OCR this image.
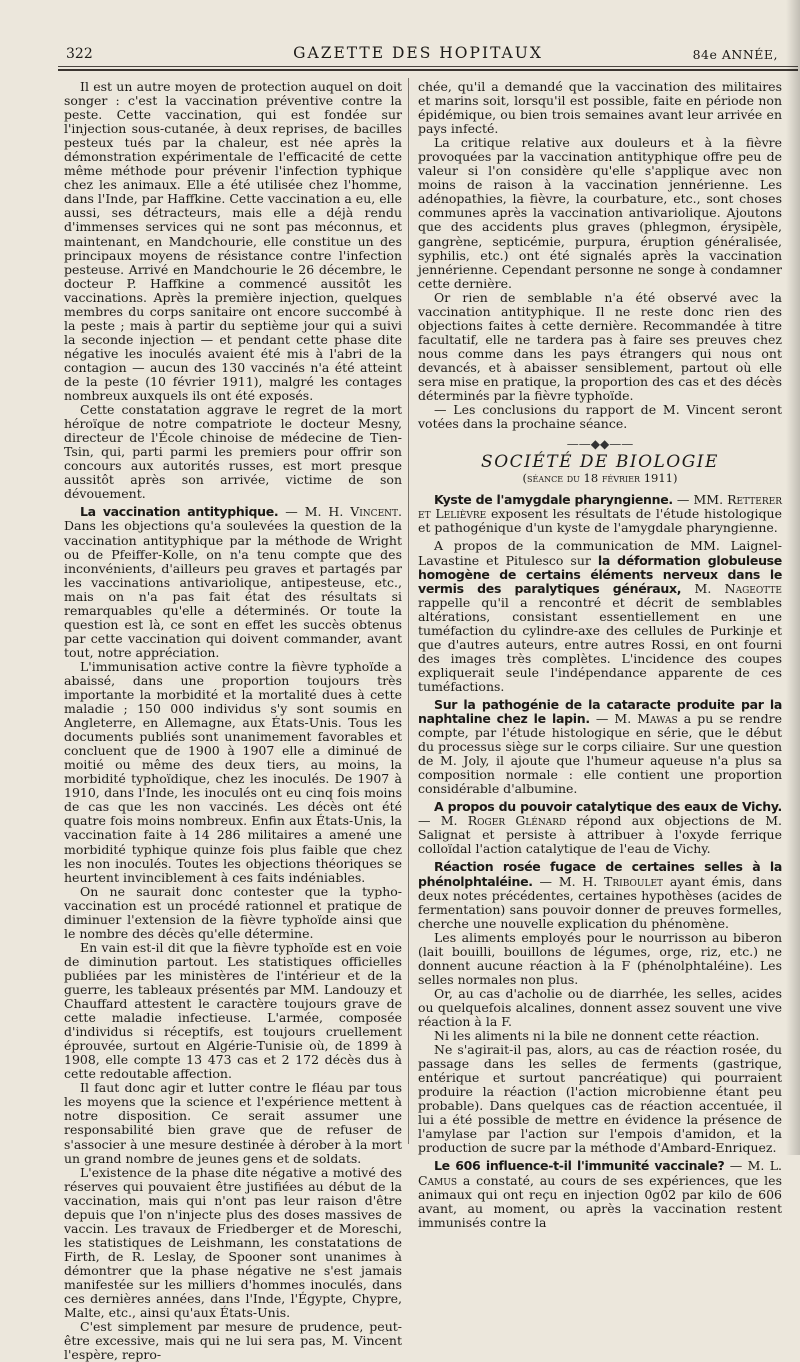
322	GAZETTE DES HOPITAUX	84e ANNÉE,

Il est un autre moyen de protection auquel on doit songer : c'est la vaccination préventive contre la peste. Cette vaccination, qui est fondée sur l'injection sous-cutanée, à deux reprises, de bacilles pesteux tués par la chaleur, est née après la démonstration expérimentale de l'efficacité de cette même méthode pour prévenir l'infection typhique chez les animaux. Elle a été utilisée chez l'homme, dans l'Inde, par Haffkine. Cette vaccination a eu, elle aussi, ses détracteurs, mais elle a déjà rendu d'immenses services qui ne sont pas méconnus, et maintenant, en Mandchourie, elle constitue un des principaux moyens de résistance contre l'infection pesteuse. Arrivé en Mandchourie le 26 décembre, le docteur P. Haffkine a commencé aussitôt les vaccinations. Après la première injection, quelques membres du corps sanitaire ont encore succombé à la peste ; mais à partir du septième jour qui a suivi la seconde injection — et pendant cette phase dite négative les inoculés avaient été mis à l'abri de la contagion — aucun des 130 vaccinés n'a été atteint de la peste (10 février 1911), malgré les contages nombreux auxquels ils ont été exposés.

Cette constatation aggrave le regret de la mort héroïque de notre compatriote le docteur Mesny, directeur de l'École chinoise de médecine de Tien-Tsin, qui, parti parmi les premiers pour offrir son concours aux autorités russes, est mort presque aussitôt après son arrivée, victime de son dévouement.

La vaccination antityphique. — M. H. Vincent. Dans les objections qu'a soulevées la question de la vaccination antityphique par la méthode de Wright ou de Pfeiffer-Kolle, on n'a tenu compte que des inconvénients, d'ailleurs peu graves et partagés par les vaccinations antivariolique, antipesteuse, etc., mais on n'a pas fait état des résultats si remarquables qu'elle a déterminés. Or toute la question est là, ce sont en effet les succès obtenus par cette vaccination qui doivent commander, avant tout, notre appréciation.

L'immunisation active contre la fièvre typhoïde a abaissé, dans une proportion toujours très importante la morbidité et la mortalité dues à cette maladie ; 150 000 individus s'y sont soumis en Angleterre, en Allemagne, aux États-Unis. Tous les documents publiés sont unanimement favorables et concluent que de 1900 à 1907 elle a diminué de moitié ou même des deux tiers, au moins, la morbidité typhoïdique, chez les inoculés. De 1907 à 1910, dans l'Inde, les inoculés ont eu cinq fois moins de cas que les non vaccinés. Les décès ont été quatre fois moins nombreux. Enfin aux États-Unis, la vaccination faite à 14 286 militaires a amené une morbidité typhique quinze fois plus faible que chez les non inoculés. Toutes les objections théoriques se heurtent invinciblement à ces faits indéniables.

On ne saurait donc contester que la typho-vaccination est un procédé rationnel et pratique de diminuer l'extension de la fièvre typhoïde ainsi que le nombre des décès qu'elle détermine.

En vain est-il dit que la fièvre typhoïde est en voie de diminution partout. Les statistiques officielles publiées par les ministères de l'intérieur et de la guerre, les tableaux présentés par MM. Landouzy et Chauffard attestent le caractère toujours grave de cette maladie infectieuse. L'armée, composée d'individus si réceptifs, est toujours cruellement éprouvée, surtout en Algérie-Tunisie où, de 1899 à 1908, elle compte 13 473 cas et 2 172 décès dus à cette redoutable affection.

Il faut donc agir et lutter contre le fléau par tous les moyens que la science et l'expérience mettent à notre disposition. Ce serait assumer une responsabilité bien grave que de refuser de s'associer à une mesure destinée à dérober à la mort un grand nombre de jeunes gens et de soldats.

L'existence de la phase dite négative a motivé des réserves qui pouvaient être justifiées au début de la vaccination, mais qui n'ont pas leur raison d'être depuis que l'on n'injecte plus des doses massives de vaccin. Les travaux de Friedberger et de Moreschi, les statistiques de Leishmann, les constatations de Firth, de R. Leslay, de Spooner sont unanimes à démontrer que la phase négative ne s'est jamais manifestée sur les milliers d'hommes inoculés, dans ces dernières années, dans l'Inde, l'Égypte, Chypre, Malte, etc., ainsi qu'aux États-Unis.

C'est simplement par mesure de prudence, peut-être excessive, mais qui ne lui sera pas, M. Vincent l'espère, repro-

chée, qu'il a demandé que la vaccination des militaires et marins soit, lorsqu'il est possible, faite en période non épidémique, ou bien trois semaines avant leur arrivée en pays infecté.

La critique relative aux douleurs et à la fièvre provoquées par la vaccination antityphique offre peu de valeur si l'on considère qu'elle s'applique avec non moins de raison à la vaccination jennérienne. Les adénopathies, la fièvre, la courbature, etc., sont choses communes après la vaccination antivariolique. Ajoutons que des accidents plus graves (phlegmon, érysipèle, gangrène, septicémie, purpura, éruption généralisée, syphilis, etc.) ont été signalés après la vaccination jennérienne. Cependant personne ne songe à condamner cette dernière.

Or rien de semblable n'a été observé avec la vaccination antityphique. Il ne reste donc rien des objections faites à cette dernière. Recommandée à titre facultatif, elle ne tardera pas à faire ses preuves chez nous comme dans les pays étrangers qui nous ont devancés, et à abaisser sensiblement, partout où elle sera mise en pratique, la proportion des cas et des décès déterminés par la fièvre typhoïde.

— Les conclusions du rapport de M. Vincent seront votées dans la prochaine séance.

——◆◆——
SOCIÉTÉ DE BIOLOGIE
(séance du 18 février 1911)

Kyste de l'amygdale pharyngienne. — MM. Retterer et Lelièvre exposent les résultats de l'étude histologique et pathogénique d'un kyste de l'amygdale pharyngienne.

A propos de la communication de MM. Laignel-Lavastine et Pitulesco sur la déformation globuleuse homogène de certains éléments nerveux dans le vermis des paralytiques généraux, M. Nageotte rappelle qu'il a rencontré et décrit de semblables altérations, consistant essentiellement en une tuméfaction du cylindre-axe des cellules de Purkinje et que d'autres auteurs, entre autres Rossi, en ont fourni des images très complètes. L'incidence des coupes expliquerait seule l'indépendance apparente de ces tuméfactions.

Sur la pathogénie de la cataracte produite par la naphtaline chez le lapin. — M. Mawas a pu se rendre compte, par l'étude histologique en série, que le début du processus siège sur le corps ciliaire. Sur une question de M. Joly, il ajoute que l'humeur aqueuse n'a plus sa composition normale : elle contient une proportion considérable d'albumine.

A propos du pouvoir catalytique des eaux de Vichy. — M. Roger Glénard répond aux objections de M. Salignat et persiste à attribuer à l'oxyde ferrique colloïdal l'action catalytique de l'eau de Vichy.

Réaction rosée fugace de certaines selles à la phénolphtaléine. — M. H. Triboulet ayant émis, dans deux notes précédentes, certaines hypothèses (acides de fermentation) sans pouvoir donner de preuves formelles, cherche une nouvelle explication du phénomène.

Les aliments employés pour le nourrisson au biberon (lait bouilli, bouillons de légumes, orge, riz, etc.) ne donnent aucune réaction à la F (phénolphtaléine). Les selles normales non plus.

Or, au cas d'acholie ou de diarrhée, les selles, acides ou quelquefois alcalines, donnent assez souvent une vive réaction à la F.

Ni les aliments ni la bile ne donnent cette réaction.

Ne s'agirait-il pas, alors, au cas de réaction rosée, du passage dans les selles de ferments (gastrique, entérique et surtout pancréatique) qui pourraient produire la réaction (l'action microbienne étant peu probable). Dans quelques cas de réaction accentuée, il lui a été possible de mettre en évidence la présence de l'amylase par l'action sur l'empois d'amidon, et la production de sucre par la méthode d'Ambard-Enriquez.

Le 606 influence-t-il l'immunité vaccinale? — M. L. Camus a constaté, au cours de ses expériences, que les animaux qui ont reçu en injection 0g02 par kilo de 606 avant, au moment, ou après la vaccination restent immunisés contre la
